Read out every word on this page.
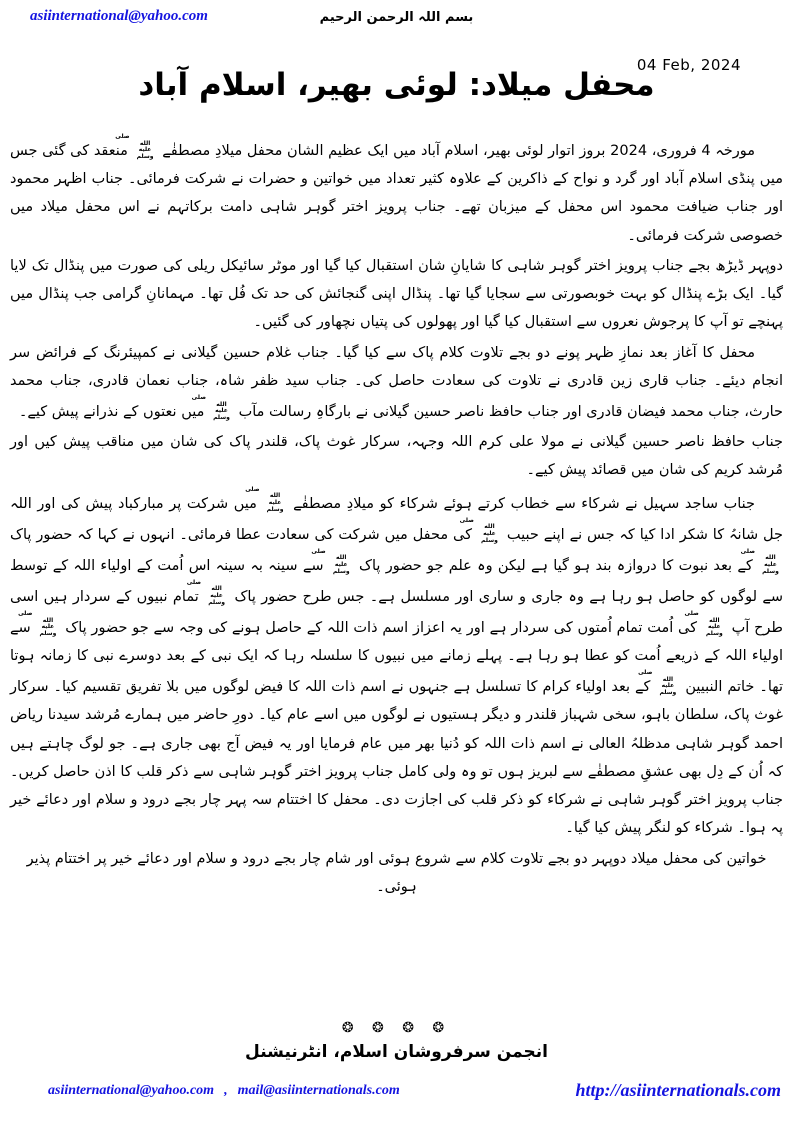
asiinternational@yahoo.com	بسم اللہ الرحمن الرحیم
محفل میلاد: لوئی بھیر، اسلام آباد
04 Feb, 2024

مورخہ 4 فروری، 2024 بروز اتوار لوئی بھیر، اسلام آباد میں ایک عظیم الشان محفل میلادِ مصطفٰے صلى الله عليه وسلم منعقد کی گئی جس میں پنڈی اسلام آباد اور گرد و نواح کے ذاکرین کے علاوہ کثیر تعداد میں خواتین و حضرات نے شرکت فرمائی۔ جناب اظہر محمود اور جناب ضیافت محمود اس محفل کے میزبان تھے۔ جناب پرویز اختر گوہر شاہی دامت برکاتہم نے اس محفل میلاد میں خصوصی شرکت فرمائی۔

دوپہر ڈیڑھ بجے جناب پرویز اختر گوہر شاہی کا شایانِ شان استقبال کیا گیا اور موٹر سائیکل ریلی کی صورت میں پنڈال تک لایا گیا۔ ایک بڑے پنڈال کو بہت خوبصورتی سے سجایا گیا تھا۔ پنڈال اپنی گنجائش کی حد تک فُل تھا۔ مہمانانِ گرامی جب پنڈال میں پہنچے تو آپ کا پرجوش نعروں سے استقبال کیا گیا اور پھولوں کی پتیاں نچھاور کی گئیں۔

محفل کا آغاز بعد نمازِ ظہر پونے دو بجے تلاوت کلام پاک سے کیا گیا۔ جناب غلام حسین گیلانی نے کمپیئرنگ کے فرائض سر انجام دیئے۔ جناب قاری زین قادری نے تلاوت کی سعادت حاصل کی۔ جناب سید ظفر شاہ، جناب نعمان قادری، جناب محمد حارث، جناب محمد فیضان قادری اور جناب حافظ ناصر حسین گیلانی نے بارگاہِ رسالت مآب صلى الله عليه وسلم میں نعتوں کے نذرانے پیش کیے۔

جناب حافظ ناصر حسین گیلانی نے مولا علی کرم اللہ وجہہ، سرکار غوث پاک، قلندر پاک کی شان میں مناقب پیش کیں اور مُرشد کریم کی شان میں قصائد پیش کیے۔

جناب ساجد سہیل نے شرکاء سے خطاب کرتے ہوئے شرکاء کو میلادِ مصطفٰے صلى الله عليه وسلم میں شرکت پر مبارکباد پیش کی اور اللہ جل شانہُ کا شکر ادا کیا کہ جس نے اپنے حبیب صلى الله عليه وسلم کی محفل میں شرکت کی سعادت عطا فرمائی۔ انہوں نے کہا کہ حضور پاک صلى الله عليه وسلم کے بعد نبوت کا دروازہ بند ہو گیا ہے لیکن وہ علم جو حضور پاک صلى الله عليه وسلم سے سینہ بہ سینہ اس اُمت کے اولیاء اللہ کے توسط سے لوگوں کو حاصل ہو رہا ہے وہ جاری و ساری اور مسلسل ہے۔ جس طرح حضور پاک صلى الله عليه وسلم تمام نبیوں کے سردار ہیں اسی طرح آپ صلى الله عليه وسلم کی اُمت تمام اُمتوں کی سردار ہے اور یہ اعزاز اسم ذات اللہ کے حاصل ہونے کی وجہ سے جو حضور پاک صلى الله عليه وسلم سے اولیاء اللہ کے ذریعے اُمت کو عطا ہو رہا ہے۔ پہلے زمانے میں نبیوں کا سلسلہ رہا کہ ایک نبی کے بعد دوسرے نبی کا زمانہ ہوتا تھا۔ خاتم النبیین صلى الله عليه وسلم کے بعد اولیاء کرام کا تسلسل ہے جنہوں نے اسم ذات اللہ کا فیض لوگوں میں بلا تفریق تقسیم کیا۔ سرکار غوث پاک، سلطان باہو، سخی شہباز قلندر و دیگر ہستیوں نے لوگوں میں اسے عام کیا۔ دورِ حاضر میں ہمارے مُرشد سیدنا ریاض احمد گوہر شاہی مدظلہُ العالی نے اسم ذات اللہ کو دُنیا بھر میں عام فرمایا اور یہ فیض آج بھی جاری ہے۔ جو لوگ چاہتے ہیں کہ اُن کے دِل بھی عشقِ مصطفٰے سے لبریز ہوں تو وہ ولی کامل جناب پرویز اختر گوہر شاہی سے ذکر قلب کا اذن حاصل کریں۔ جناب پرویز اختر گوہر شاہی نے شرکاء کو ذکر قلب کی اجازت دی۔ محفل کا اختتام سہ پہر چار بجے درود و سلام اور دعائے خیر پہ ہوا۔ شرکاء کو لنگر پیش کیا گیا۔

خواتین کی محفل میلاد دوپہر دو بجے تلاوت کلام سے شروع ہوئی اور شام چار بجے درود و سلام اور دعائے خیر پر اختتام پذیر ہوئی۔

❂ ❂ ❂ ❂
انجمن سرفروشان اسلام، انٹرنیشنل
asiinternational@yahoo.com , mail@asiinternationals.com	http://asiinternationals.com
